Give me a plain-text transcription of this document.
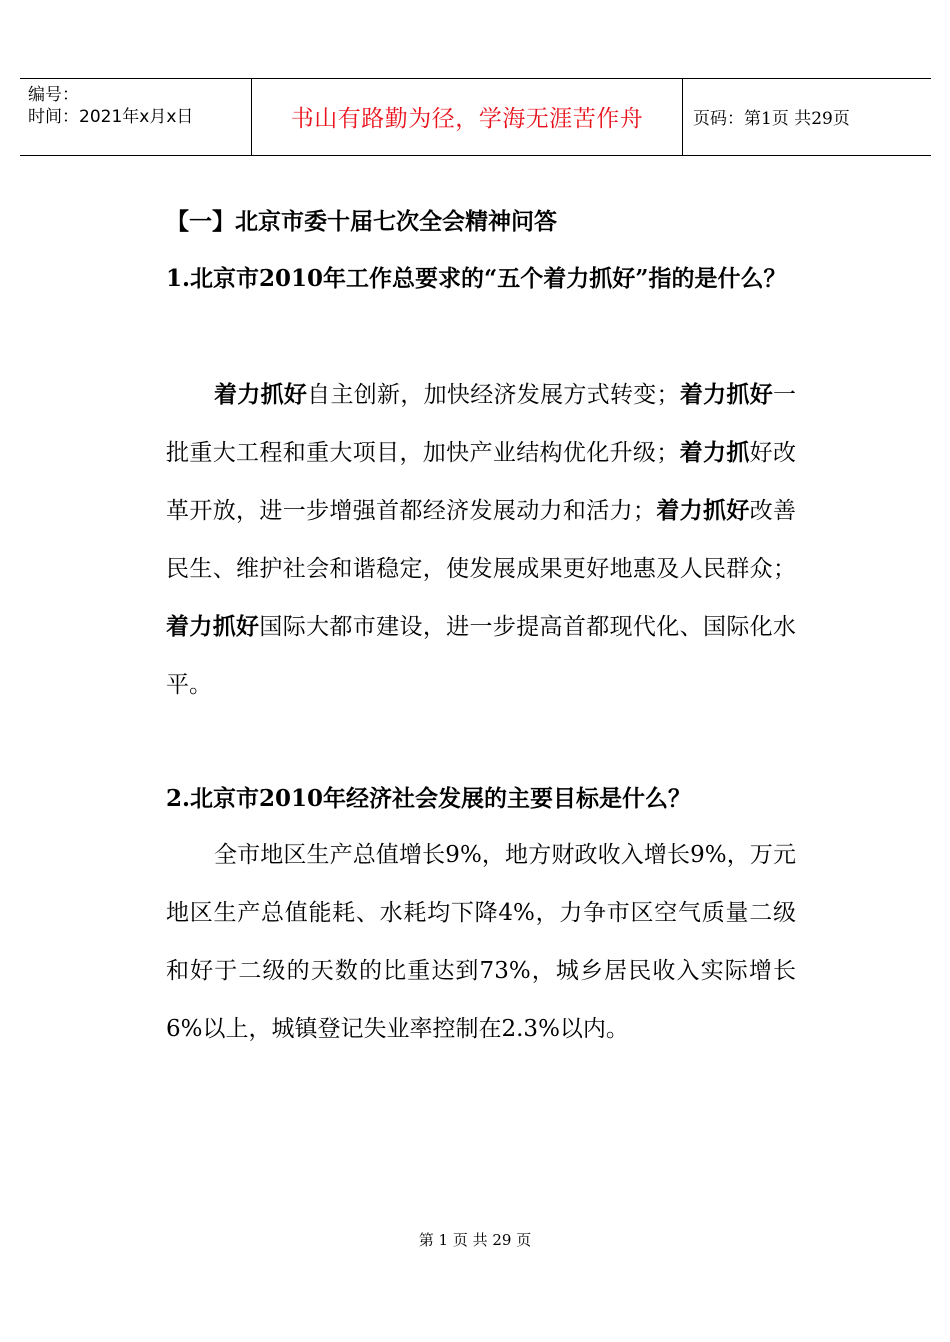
编号：
时间：2021年x月x日	书山有路勤为径，学海无涯苦作舟	页码：第1页 共29页
【一】北京市委十届七次全会精神问答
1.北京市2010年工作总要求的“五个着力抓好”指的是什么？
着力抓好自主创新，加快经济发展方式转变；着力抓好一批重大工程和重大项目，加快产业结构优化升级；着力抓好改革开放，进一步增强首都经济发展动力和活力；着力抓好改善民生、维护社会和谐稳定，使发展成果更好地惠及人民群众；着力抓好国际大都市建设，进一步提高首都现代化、国际化水平。
2.北京市2010年经济社会发展的主要目标是什么？
全市地区生产总值增长9%，地方财政收入增长9%，万元地区生产总值能耗、水耗均下降4%，力争市区空气质量二级和好于二级的天数的比重达到73%，城乡居民收入实际增长6%以上，城镇登记失业率控制在2.3%以内。
第 1 页 共 29 页
